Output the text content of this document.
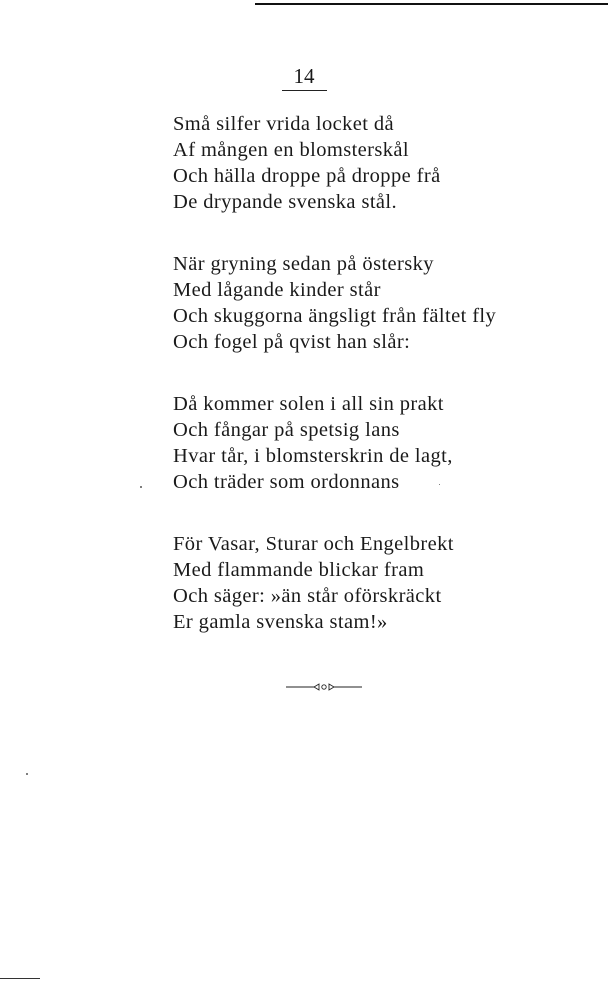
14
Små silfer vrida locket då
Af mången en blomsterskål
Och hälla droppe på droppe frå
De drypande svenska stål.
När gryning sedan på östersky
Med lågande kinder står
Och skuggorna ängsligt från fältet fly
Och fogel på qvist han slår:
Då kommer solen i all sin prakt
Och fångar på spetsig lans
Hvar tår, i blomsterskrin de lagt,
Och träder som ordonnans
För Vasar, Sturar och Engelbrekt
Med flammande blickar fram
Och säger: »än står oförskräckt
Er gamla svenska stam!»
